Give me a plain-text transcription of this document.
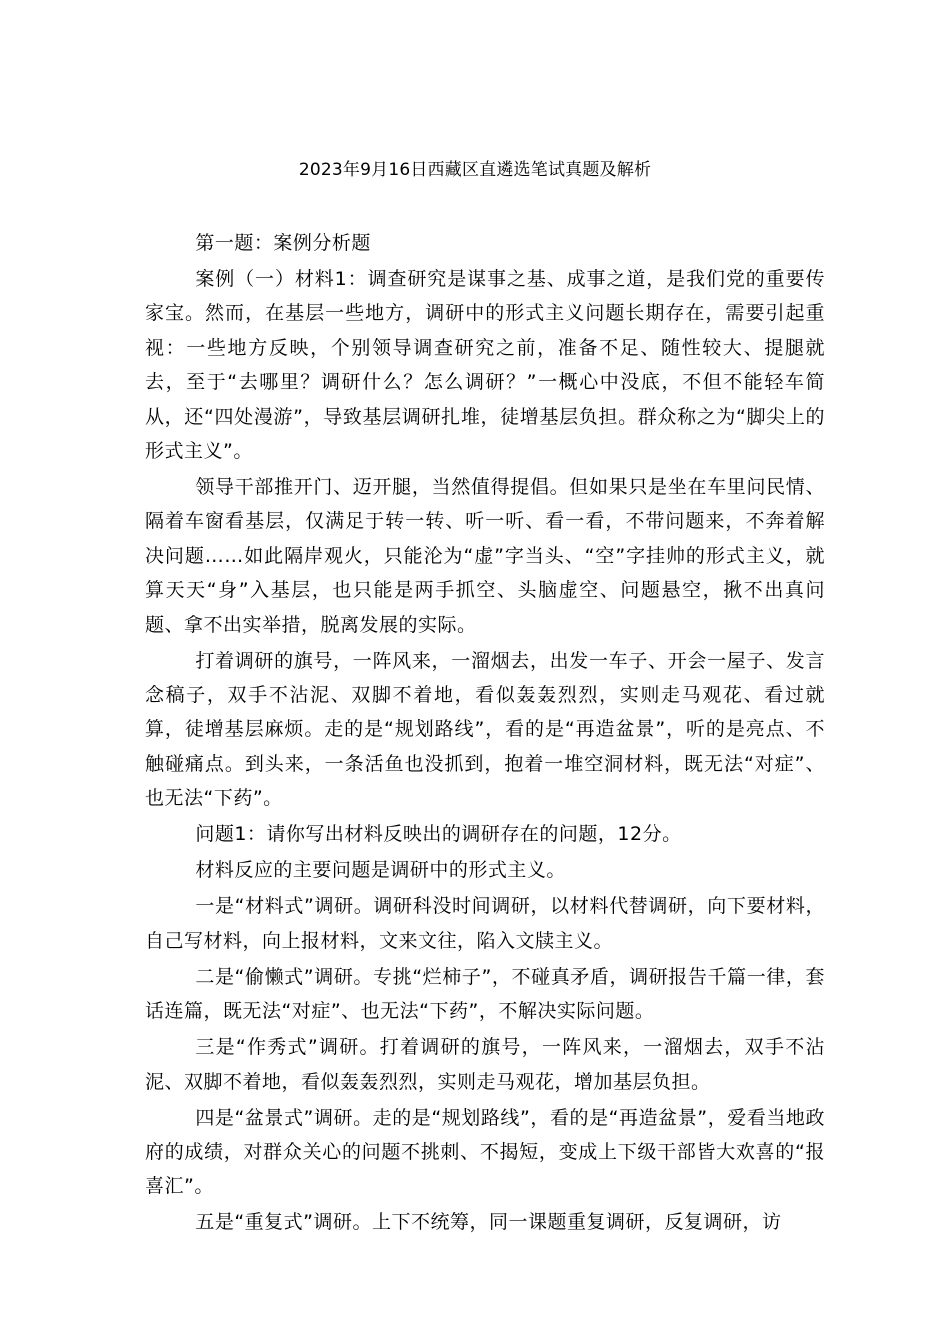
2023年9月16日西藏区直遴选笔试真题及解析

第一题：案例分析题

案例（一）材料1：调查研究是谋事之基、成事之道，是我们党的重要传家宝。然而，在基层一些地方，调研中的形式主义问题长期存在，需要引起重视：一些地方反映，个别领导调查研究之前，准备不足、随性较大、提腿就去，至于“去哪里？调研什么？怎么调研？”一概心中没底，不但不能轻车简从，还“四处漫游”，导致基层调研扎堆，徒增基层负担。群众称之为“脚尖上的形式主义”。

领导干部推开门、迈开腿，当然值得提倡。但如果只是坐在车里问民情、隔着车窗看基层，仅满足于转一转、听一听、看一看，不带问题来，不奔着解决问题……如此隔岸观火，只能沦为“虚”字当头、“空”字挂帅的形式主义，就算天天“身”入基层，也只能是两手抓空、头脑虚空、问题悬空，揪不出真问题、拿不出实举措，脱离发展的实际。

打着调研的旗号，一阵风来，一溜烟去，出发一车子、开会一屋子、发言念稿子，双手不沾泥、双脚不着地，看似轰轰烈烈，实则走马观花、看过就算，徒增基层麻烦。走的是“规划路线”，看的是“再造盆景”，听的是亮点、不触碰痛点。到头来，一条活鱼也没抓到，抱着一堆空洞材料，既无法“对症”、也无法“下药”。

问题1：请你写出材料反映出的调研存在的问题，12分。

材料反应的主要问题是调研中的形式主义。

一是“材料式”调研。调研科没时间调研，以材料代替调研，向下要材料，自己写材料，向上报材料，文来文往，陷入文牍主义。

二是“偷懒式”调研。专挑“烂柿子”，不碰真矛盾，调研报告千篇一律，套话连篇，既无法“对症”、也无法“下药”，不解决实际问题。

三是“作秀式”调研。打着调研的旗号，一阵风来，一溜烟去，双手不沾泥、双脚不着地，看似轰轰烈烈，实则走马观花，增加基层负担。

四是“盆景式”调研。走的是“规划路线”，看的是“再造盆景”，爱看当地政府的成绩，对群众关心的问题不挑刺、不揭短，变成上下级干部皆大欢喜的“报喜汇”。

五是“重复式”调研。上下不统筹，同一课题重复调研，反复调研，访
